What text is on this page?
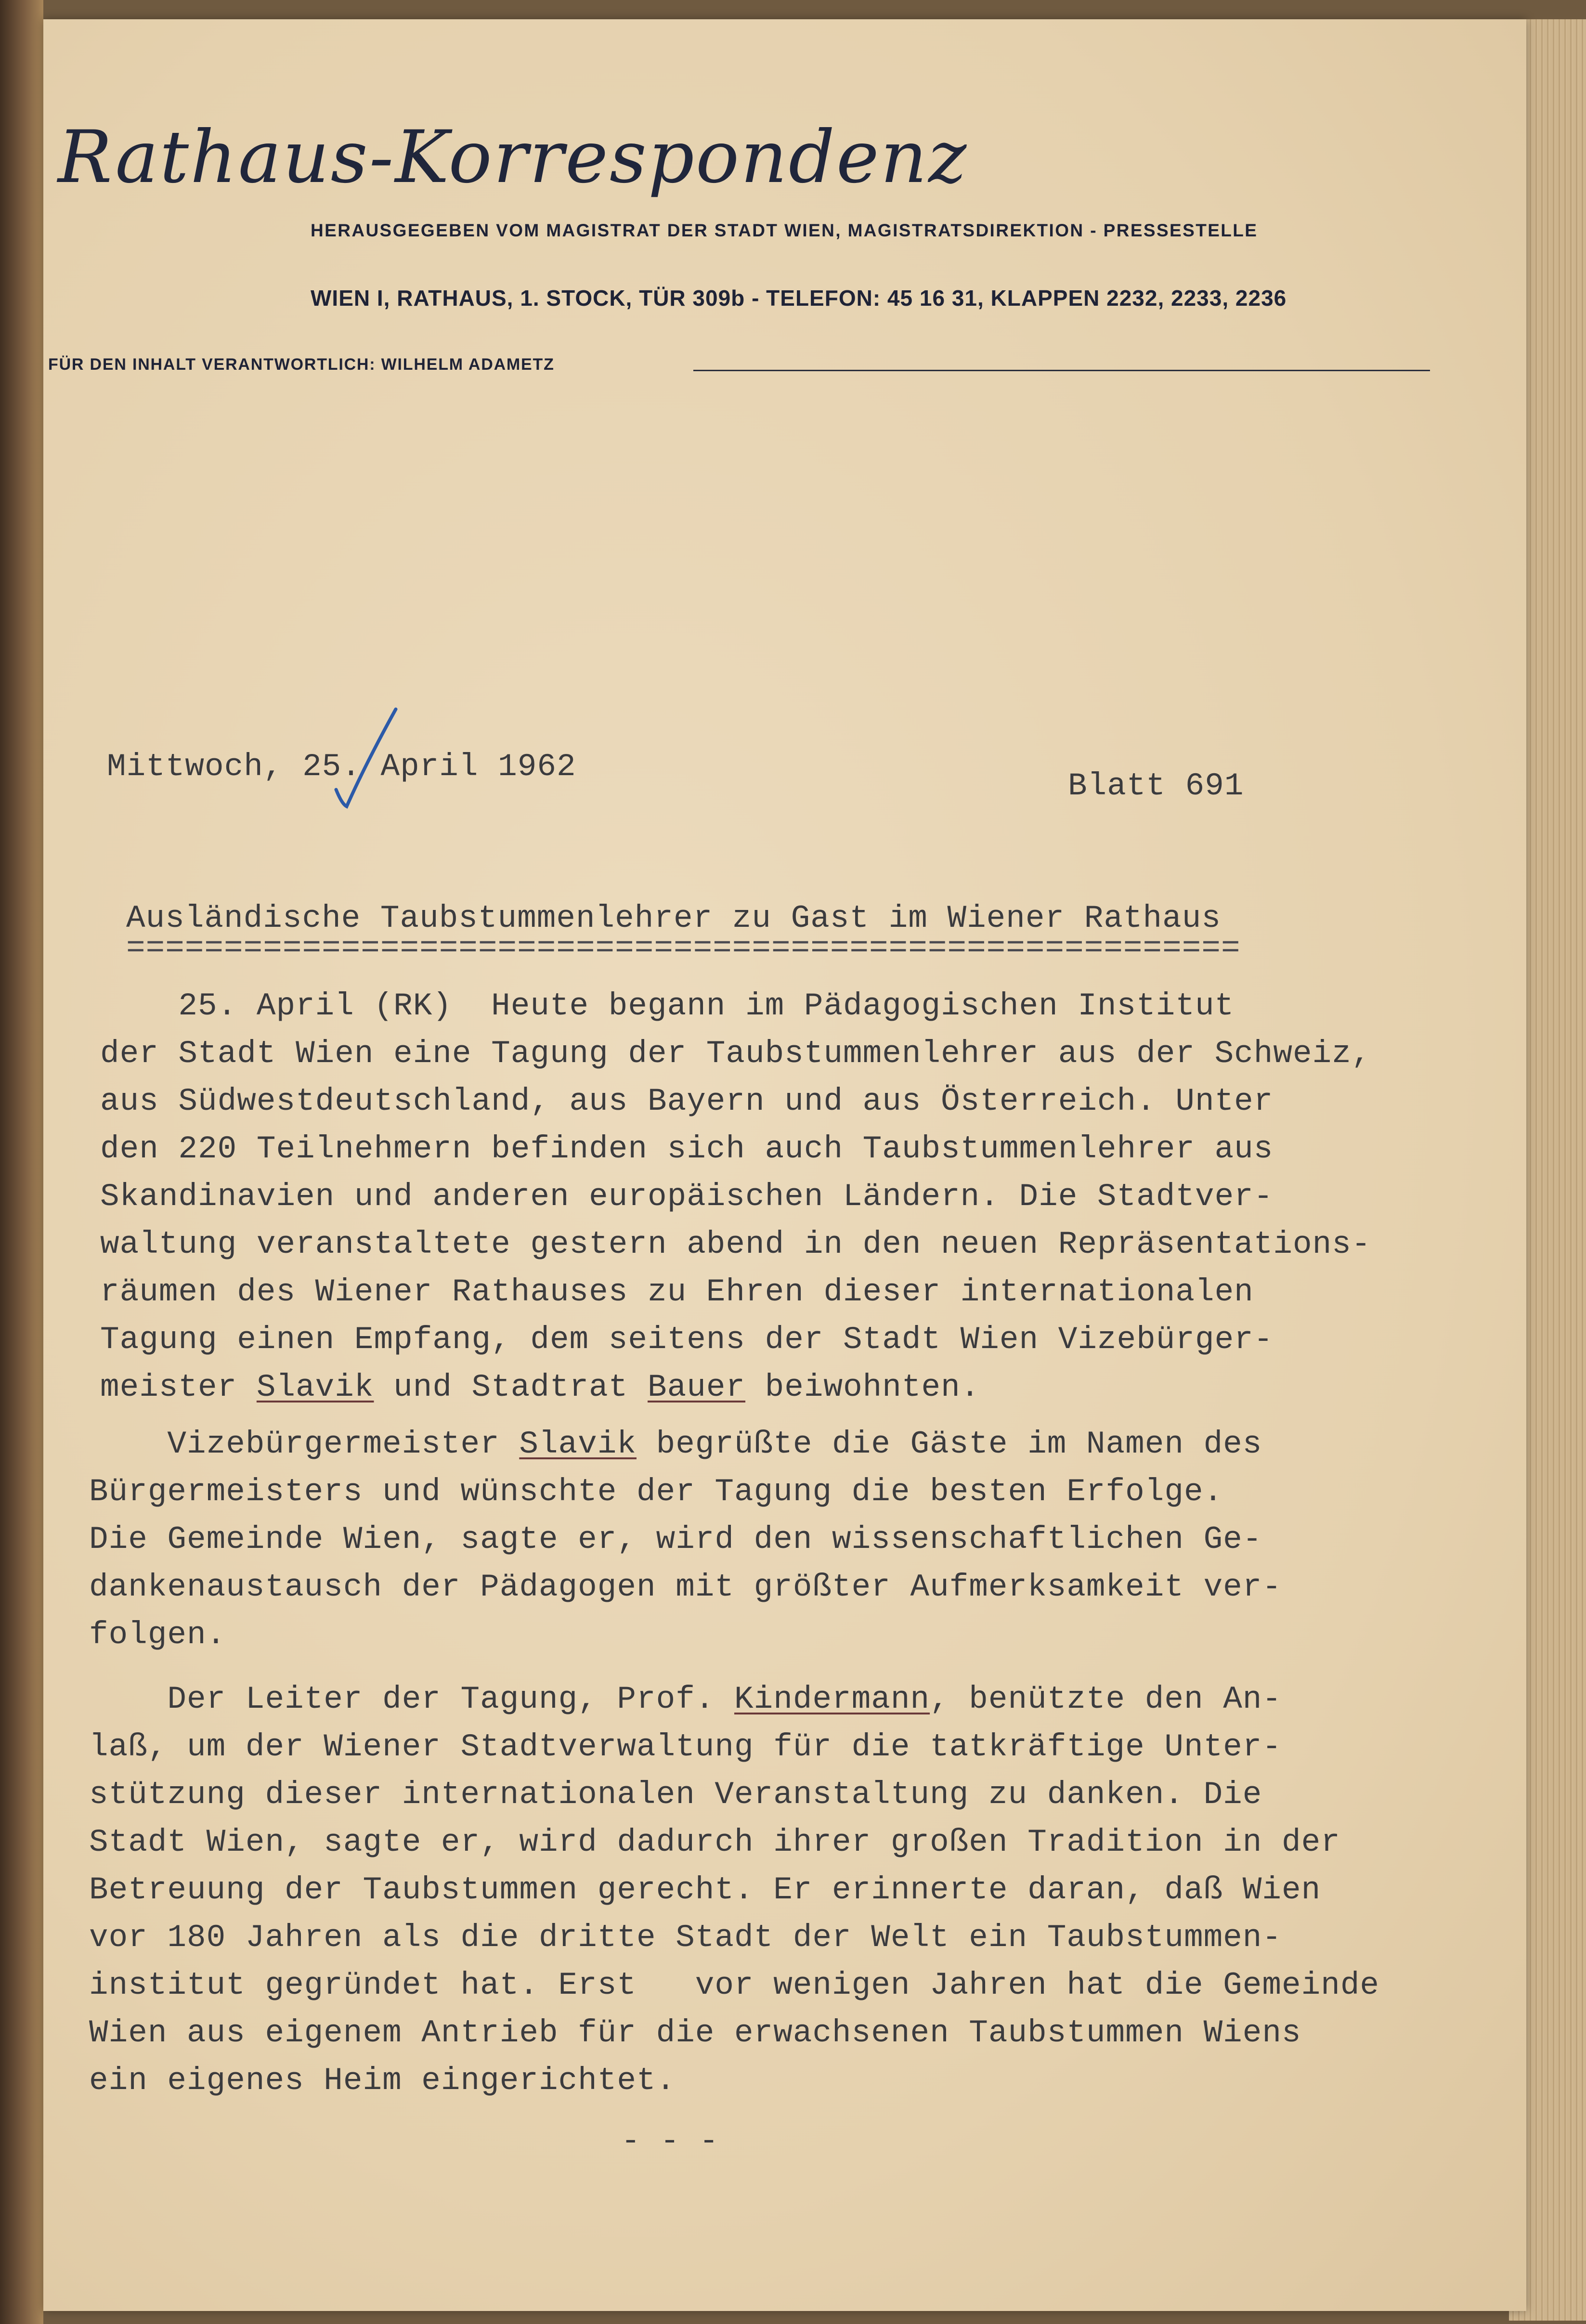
Rathaus-Korrespondenz
HERAUSGEGEBEN VOM MAGISTRAT DER STADT WIEN, MAGISTRATSDIREKTION - PRESSESTELLE
WIEN I, RATHAUS, 1. STOCK, TÜR 309b - TELEFON: 45 16 31, KLAPPEN 2232, 2233, 2236
FÜR DEN INHALT VERANTWORTLICH: WILHELM ADAMETZ
Mittwoch, 25. April 1962
Blatt 691
Ausländische Taubstummenlehrer zu Gast im Wiener Rathaus
=========================================================
25. April (RK)  Heute begann im Pädagogischen Institut
der Stadt Wien eine Tagung der Taubstummenlehrer aus der Schweiz,
aus Südwestdeutschland, aus Bayern und aus Österreich. Unter
den 220 Teilnehmern befinden sich auch Taubstummenlehrer aus
Skandinavien und anderen europäischen Ländern. Die Stadtver-
waltung veranstaltete gestern abend in den neuen Repräsentations-
räumen des Wiener Rathauses zu Ehren dieser internationalen
Tagung einen Empfang, dem seitens der Stadt Wien Vizebürger-
meister Slavik und Stadtrat Bauer beiwohnten.
Vizebürgermeister Slavik begrüßte die Gäste im Namen des
Bürgermeisters und wünschte der Tagung die besten Erfolge.
Die Gemeinde Wien, sagte er, wird den wissenschaftlichen Ge-
dankenaustausch der Pädagogen mit größter Aufmerksamkeit ver-
folgen.
Der Leiter der Tagung, Prof. Kindermann, benützte den An-
laß, um der Wiener Stadtverwaltung für die tatkräftige Unter-
stützung dieser internationalen Veranstaltung zu danken. Die
Stadt Wien, sagte er, wird dadurch ihrer großen Tradition in der
Betreuung der Taubstummen gerecht. Er erinnerte daran, daß Wien
vor 180 Jahren als die dritte Stadt der Welt ein Taubstummen-
institut gegründet hat. Erst   vor wenigen Jahren hat die Gemeinde
Wien aus eigenem Antrieb für die erwachsenen Taubstummen Wiens
ein eigenes Heim eingerichtet.
- - -
